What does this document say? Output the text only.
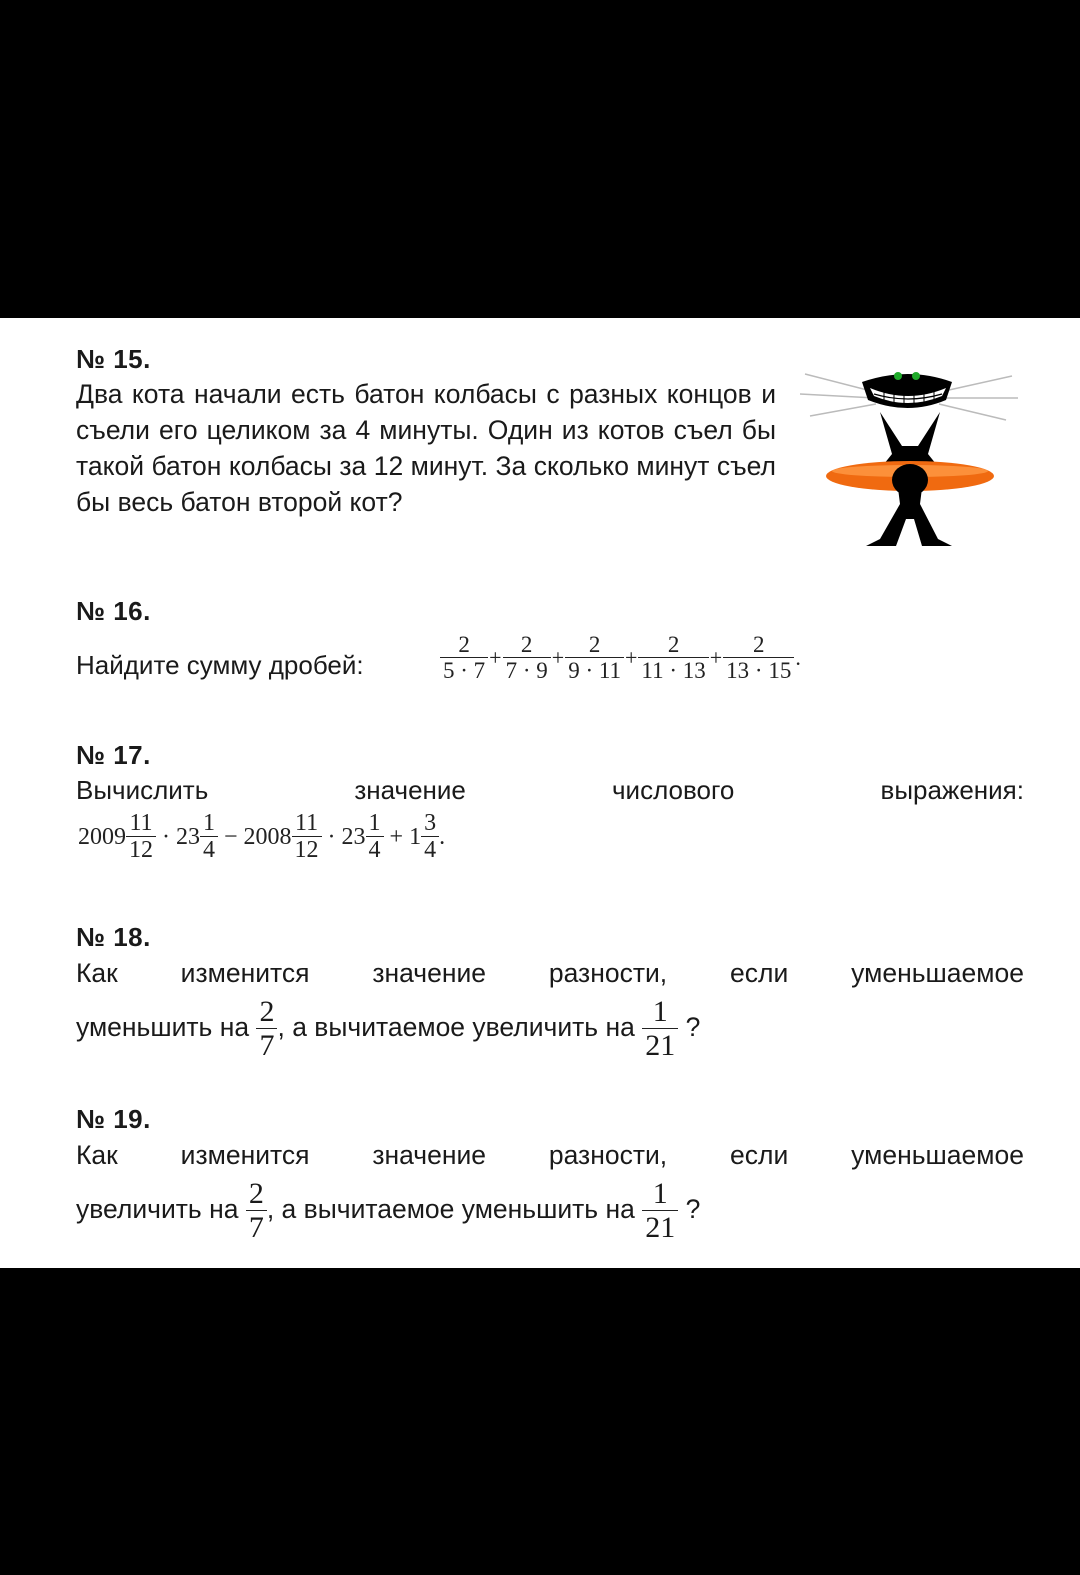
№ 15.
Два кота начали есть батон колбасы с разных концов и съели его целиком за 4 минуты. Один из котов съел бы такой батон колбасы за 12 минут. За сколько минут съел бы весь батон второй кот?
№ 16.
Найдите сумму дробей:	$\frac{2}{5 \cdot 7} + \frac{2}{7 \cdot 9} + \frac{2}{9 \cdot 11} + \frac{2}{11 \cdot 13} + \frac{2}{13 \cdot 15}$ .
№ 17.
Вычислить	значение	числового	выражения:
$2009 \frac{11}{12} \cdot 23 \frac{1}{4} - 2008 \frac{11}{12} \cdot 23 \frac{1}{4} + 1 \frac{3}{4}$ .
№ 18.
Как изменится значение разности, если уменьшаемое
уменьшить на $\frac{2}{7}$ , а вычитаемое увеличить на $\frac{1}{21}$ ?
№ 19.
Как изменится значение разности, если уменьшаемое
увеличить на $\frac{2}{7}$ , а вычитаемое уменьшить на $\frac{1}{21}$ ?
